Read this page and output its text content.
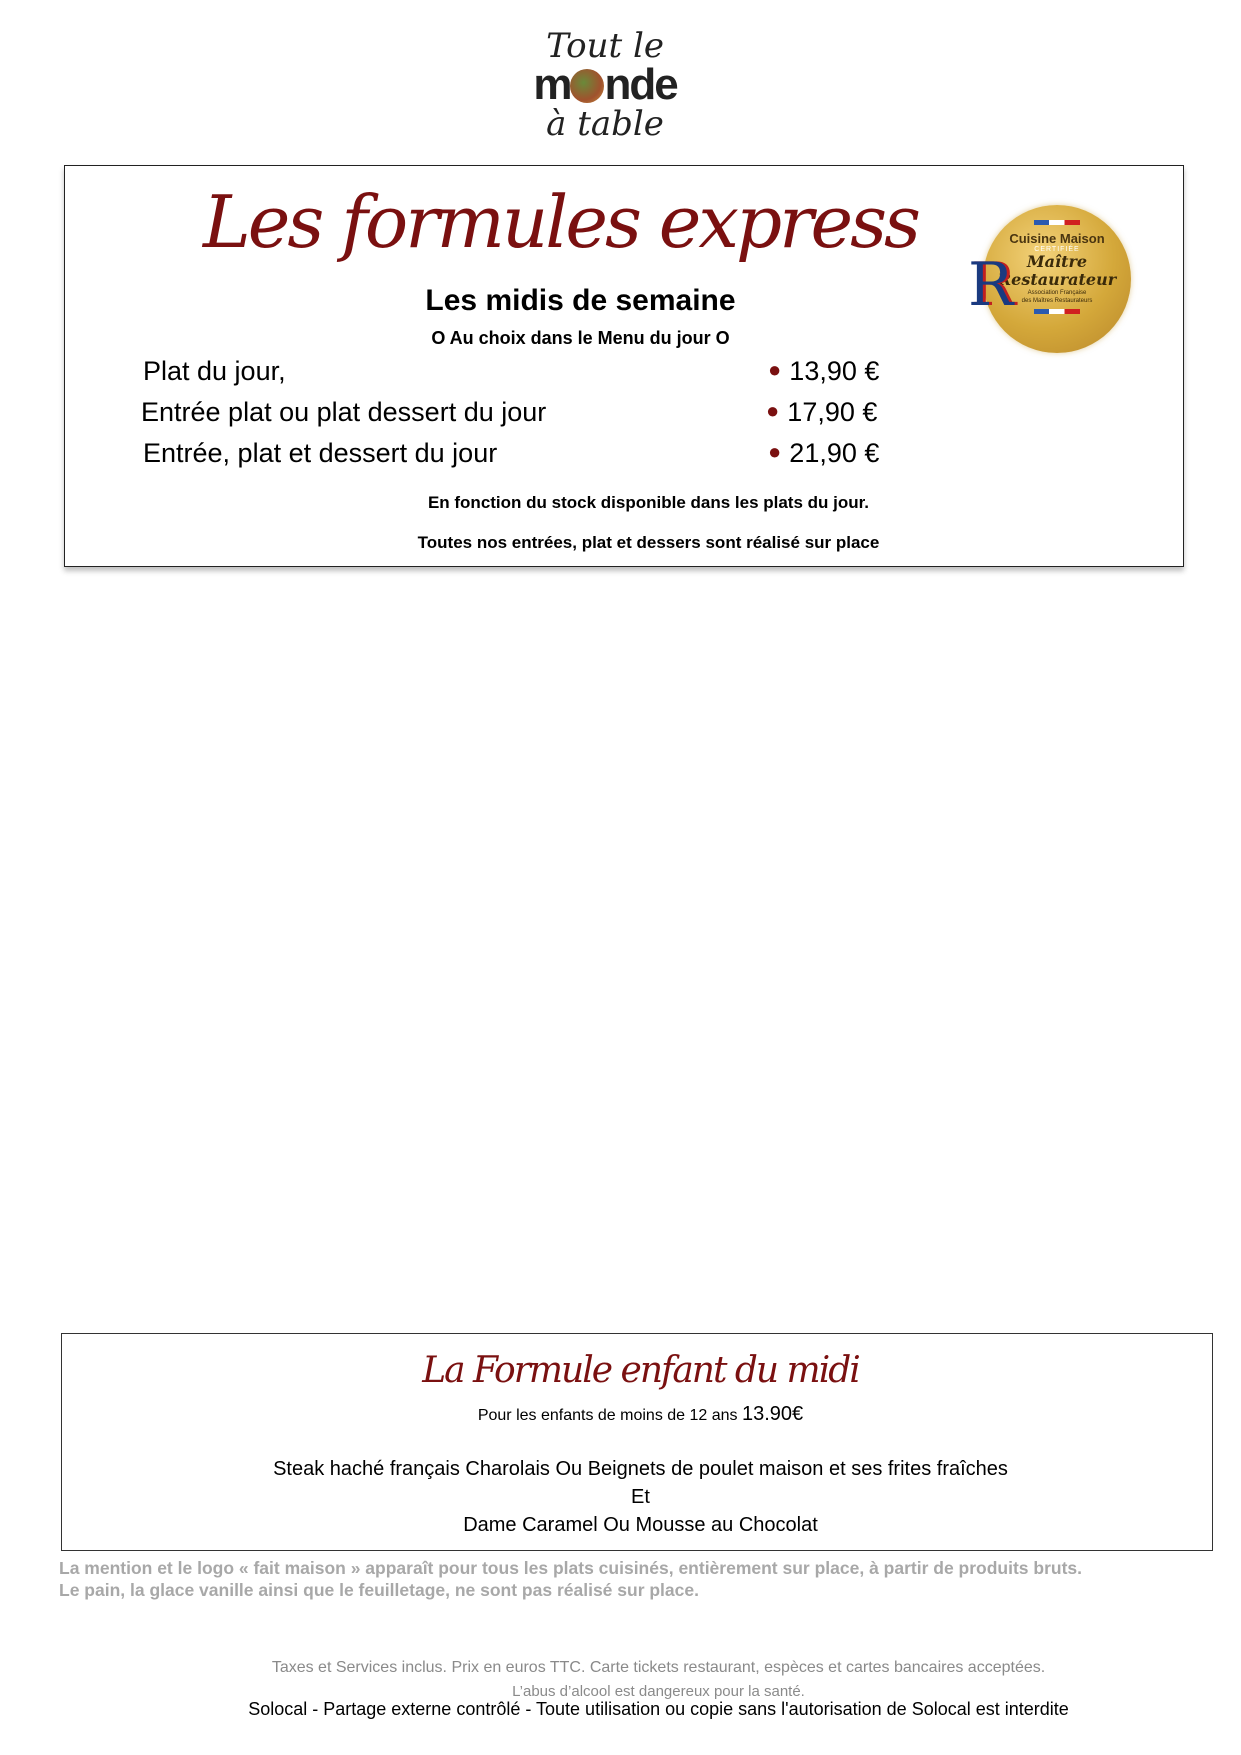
Tout le
m nde
à table
Les formules express
Les midis de semaine
O Au choix dans le Menu du jour O
Plat du jour,	● 13,90 €
Entrée plat ou plat dessert du jour	● 17,90 €
Entrée, plat et dessert du jour	● 21,90 €
En fonction du stock disponible dans les plats du jour.
Toutes nos entrées, plat et dessers sont réalisé sur place
Cuisine Maison
CERTIFIÉE
Maître
Restaurateur
Association Française
des Maîtres Restaurateurs
R
La Formule enfant du midi
Pour les enfants de moins de 12 ans 13.90€
Steak haché français Charolais Ou Beignets de poulet maison et ses frites fraîches
Et
Dame Caramel Ou Mousse au Chocolat
La mention et le logo « fait maison » apparaît pour tous les plats cuisinés, entièrement sur place, à partir de produits bruts.
Le pain, la glace vanille ainsi que le feuilletage, ne sont pas réalisé sur place.
Taxes et Services inclus. Prix en euros TTC. Carte tickets restaurant, espèces et cartes bancaires acceptées.
L’abus d’alcool est dangereux pour la santé.
Solocal - Partage externe contrôlé - Toute utilisation ou copie sans l'autorisation de Solocal est interdite
